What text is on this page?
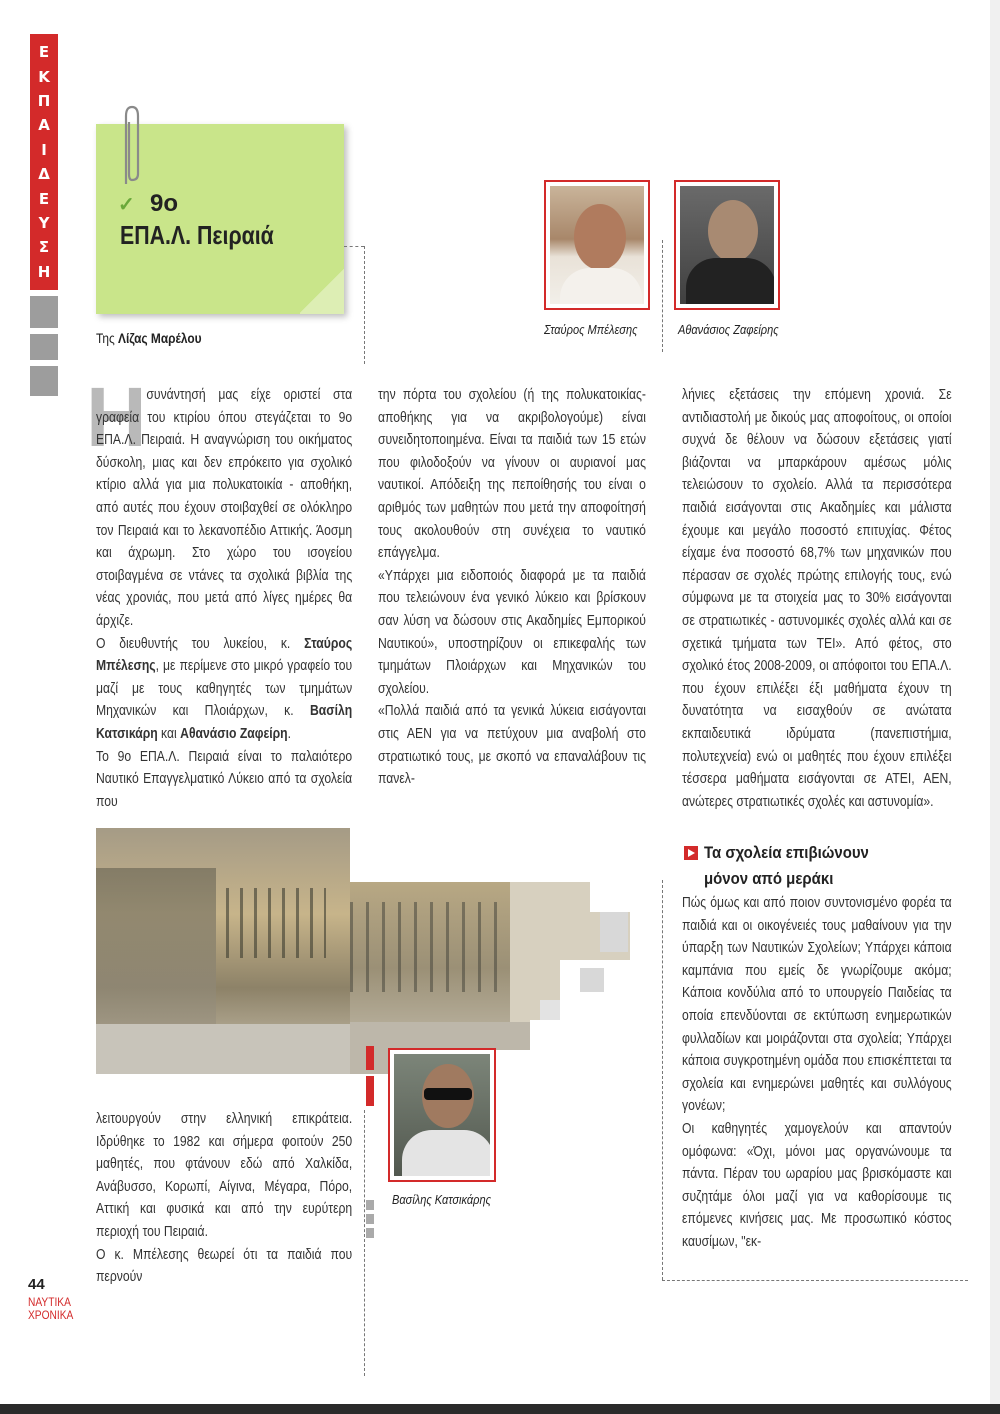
Ε
Κ
Π
Α
Ι
Δ
Ε
Υ
Σ
Η
✓ 9ο
ΕΠΑ.Λ. Πειραιά
Της Λίζας Μαρέλου
Σταύρος Μπέλεσης	Αθανάσιος Ζαφείρης
Η συνάντησή μας είχε οριστεί στα γραφεία του κτιρίου όπου στεγάζεται το 9ο ΕΠΑ.Λ. Πειραιά. Η αναγνώριση του οικήματος δύσκολη, μιας και δεν επρόκειτο για σχολικό κτίριο αλλά για μια πολυκατοικία - αποθήκη, από αυτές που έχουν στοιβαχθεί σε ολόκληρο τον Πειραιά και το λεκανοπέδιο Αττικής. Άοσμη και άχρωμη. Στο χώρο του ισογείου στοιβαγμένα σε ντάνες τα σχολικά βιβλία της νέας χρονιάς, που μετά από λίγες ημέρες θα άρχιζε.

Ο διευθυντής του λυκείου, κ. Σταύρος Μπέλεσης, με περίμενε στο μικρό γραφείο του μαζί με τους καθηγητές των τμημάτων Μηχανικών και Πλοιάρχων, κ. Βασίλη Κατσικάρη και Αθανάσιο Ζαφείρη.

Το 9ο ΕΠΑ.Λ. Πειραιά είναι το παλαιότερο Ναυτικό Επαγγελματικό Λύκειο από τα σχολεία που

την πόρτα του σχολείου (ή της πολυκατοικίας-αποθήκης για να ακριβολογούμε) είναι συνειδητοποιημένα. Είναι τα παιδιά των 15 ετών που φιλοδοξούν να γίνουν οι αυριανοί μας ναυτικοί. Απόδειξη της πεποίθησής του είναι ο αριθμός των μαθητών που μετά την αποφοίτησή τους ακολουθούν στη συνέχεια το ναυτικό επάγγελμα.

«Υπάρχει μια ειδοποιός διαφορά με τα παιδιά που τελειώνουν ένα γενικό λύκειο και βρίσκουν σαν λύση να δώσουν στις Ακαδημίες Εμπορικού Ναυτικού», υποστηρίζουν οι επικεφαλής των τμημάτων Πλοιάρχων και Μηχανικών του σχολείου.

«Πολλά παιδιά από τα γενικά λύκεια εισάγονται στις ΑΕΝ για να πετύχουν μια αναβολή στο στρατιωτικό τους, με σκοπό να επαναλάβουν τις πανελ-

λήνιες εξετάσεις την επόμενη χρονιά. Σε αντιδιαστολή με δικούς μας αποφοίτους, οι οποίοι συχνά δε θέλουν να δώσουν εξετάσεις γιατί βιάζονται να μπαρκάρουν αμέσως μόλις τελειώσουν το σχολείο. Αλλά τα περισσότερα παιδιά εισάγονται στις Ακαδημίες και μάλιστα έχουμε και μεγάλο ποσοστό επιτυχίας. Φέτος είχαμε ένα ποσοστό 68,7% των μηχανικών που πέρασαν σε σχολές πρώτης επιλογής τους, ενώ σύμφωνα με τα στοιχεία μας το 30% εισάγονται σε στρατιωτικές - αστυνομικές σχολές αλλά και σε σχετικά τμήματα των ΤΕΙ». Από φέτος, στο σχολικό έτος 2008-2009, οι απόφοιτοι του ΕΠΑ.Λ. που έχουν επιλέξει έξι μαθήματα έχουν τη δυνατότητα να εισαχθούν σε ανώτατα εκπαιδευτικά ιδρύματα (πανεπιστήμια, πολυτεχνεία) ενώ οι μαθητές που έχουν επιλέξει τέσσερα μαθήματα εισάγονται σε ΑΤΕΙ, ΑΕΝ, ανώτερες στρατιωτικές σχολές και αστυνομία».

Τα σχολεία επιβιώνουν
μόνον από μεράκι

Πώς όμως και από ποιον συντονισμένο φορέα τα παιδιά και οι οικογένειές τους μαθαίνουν για την ύπαρξη των Ναυτικών Σχολείων; Υπάρχει κάποια καμπάνια που εμείς δε γνωρίζουμε ακόμα; Κάποια κονδύλια από το υπουργείο Παιδείας τα οποία επενδύονται σε εκτύπωση ενημερωτικών φυλλαδίων και μοιράζονται στα σχολεία; Υπάρχει κάποια συγκροτημένη ομάδα που επισκέπτεται τα σχολεία και ενημερώνει μαθητές και συλλόγους γονέων;

Οι καθηγητές χαμογελούν και απαντούν ομόφωνα: «Όχι, μόνοι μας οργανώνουμε τα πάντα. Πέραν του ωραρίου μας βρισκόμαστε και συζητάμε όλοι μαζί για να καθορίσουμε τις επόμενες κινήσεις μας. Με προσωπικό κόστος καυσίμων, "εκ-

Βασίλης Κατσικάρης

λειτουργούν στην ελληνική επικράτεια. Ιδρύθηκε το 1982 και σήμερα φοιτούν 250 μαθητές, που φτάνουν εδώ από Χαλκίδα, Ανάβυσσο, Κορωπί, Αίγινα, Μέγαρα, Πόρο, Αττική και φυσικά και από την ευρύτερη περιοχή του Πειραιά.

Ο κ. Μπέλεσης θεωρεί ότι τα παιδιά που περνούν

44
ΝΑΥΤΙΚΑ
ΧΡΟΝΙΚΑ
